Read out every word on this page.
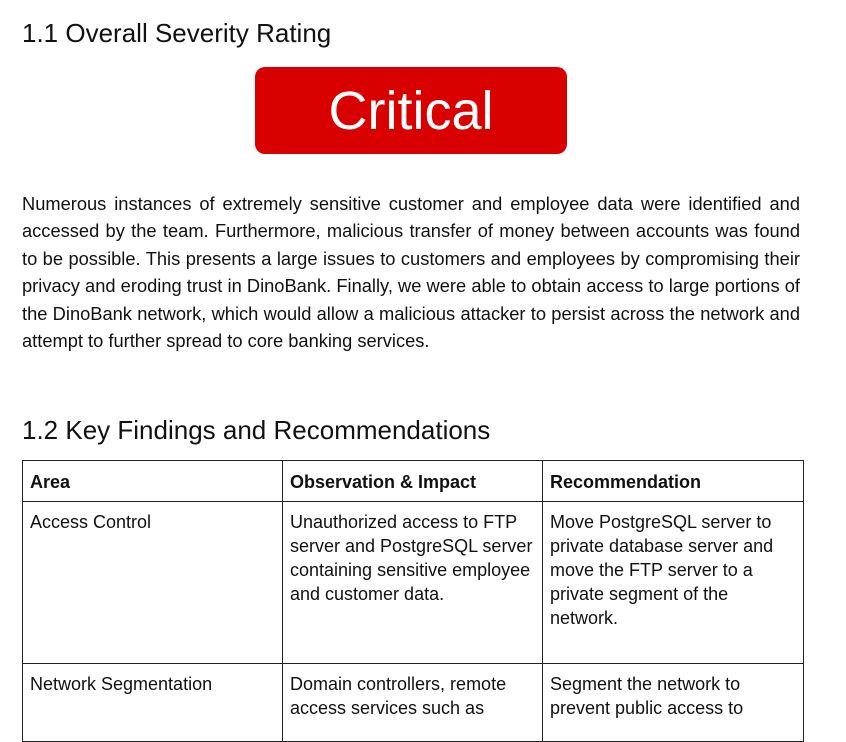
1.1 Overall Severity Rating
Critical

Numerous instances of extremely sensitive customer and employee data were identified and accessed by the team. Furthermore, malicious transfer of money between accounts was found to be possible. This presents a large issues to customers and employees by compromising their privacy and eroding trust in DinoBank. Finally, we were able to obtain access to large portions of the DinoBank network, which would allow a malicious attacker to persist across the network and attempt to further spread to core banking services.

1.2 Key Findings and Recommendations
Area	Observation & Impact	Recommendation
Access Control	Unauthorized access to FTP server and PostgreSQL server containing sensitive employee and customer data.	Move PostgreSQL server to private database server and move the FTP server to a private segment of the network.
Network Segmentation	Domain controllers, remote access services such as	Segment the network to prevent public access to
